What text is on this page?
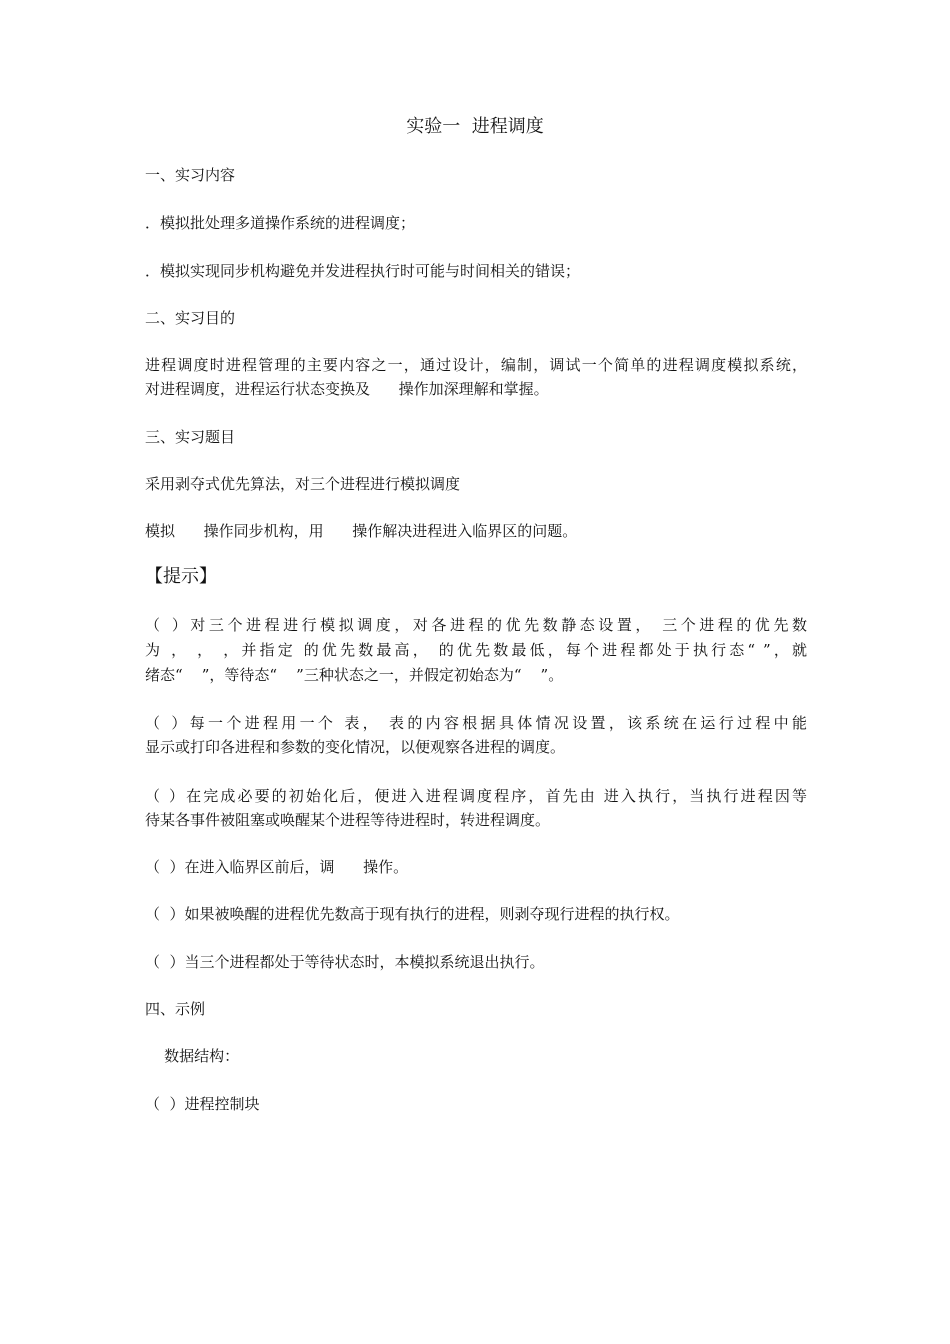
实验一  进程调度
一、实习内容
．模拟批处理多道操作系统的进程调度；
．模拟实现同步机构避免并发进程执行时可能与时间相关的错误；
二、实习目的
进程调度时进程管理的主要内容之一，通过设计，编制，调试一个简单的进程调度模拟系统，
对进程调度，进程运行状态变换及      操作加深理解和掌握。
三、实习题目
采用剥夺式优先算法，对三个进程进行模拟调度
模拟      操作同步机构，用      操作解决进程进入临界区的问题。
【提示】
（ ）对三个进程进行模拟调度，对各进程的优先数静态设置， 三个进程的优先数
为 ， ， ，并指定 的优先数最高， 的优先数最低，每个进程都处于执行态“ ”，就
绪态“    ”，等待态“    ”三种状态之一，并假定初始态为“    ”。
（ ）每一个进程用一个 表， 表的内容根据具体情况设置，该系统在运行过程中能
显示或打印各进程和参数的变化情况，以便观察各进程的调度。
（ ）在完成必要的初始化后，便进入进程调度程序，首先由 进入执行，当执行进程因等
待某各事件被阻塞或唤醒某个进程等待进程时，转进程调度。
（  ）在进入临界区前后，调      操作。
（  ）如果被唤醒的进程优先数高于现有执行的进程，则剥夺现行进程的执行权。
（  ）当三个进程都处于等待状态时，本模拟系统退出执行。
四、示例
数据结构：
（  ）进程控制块
